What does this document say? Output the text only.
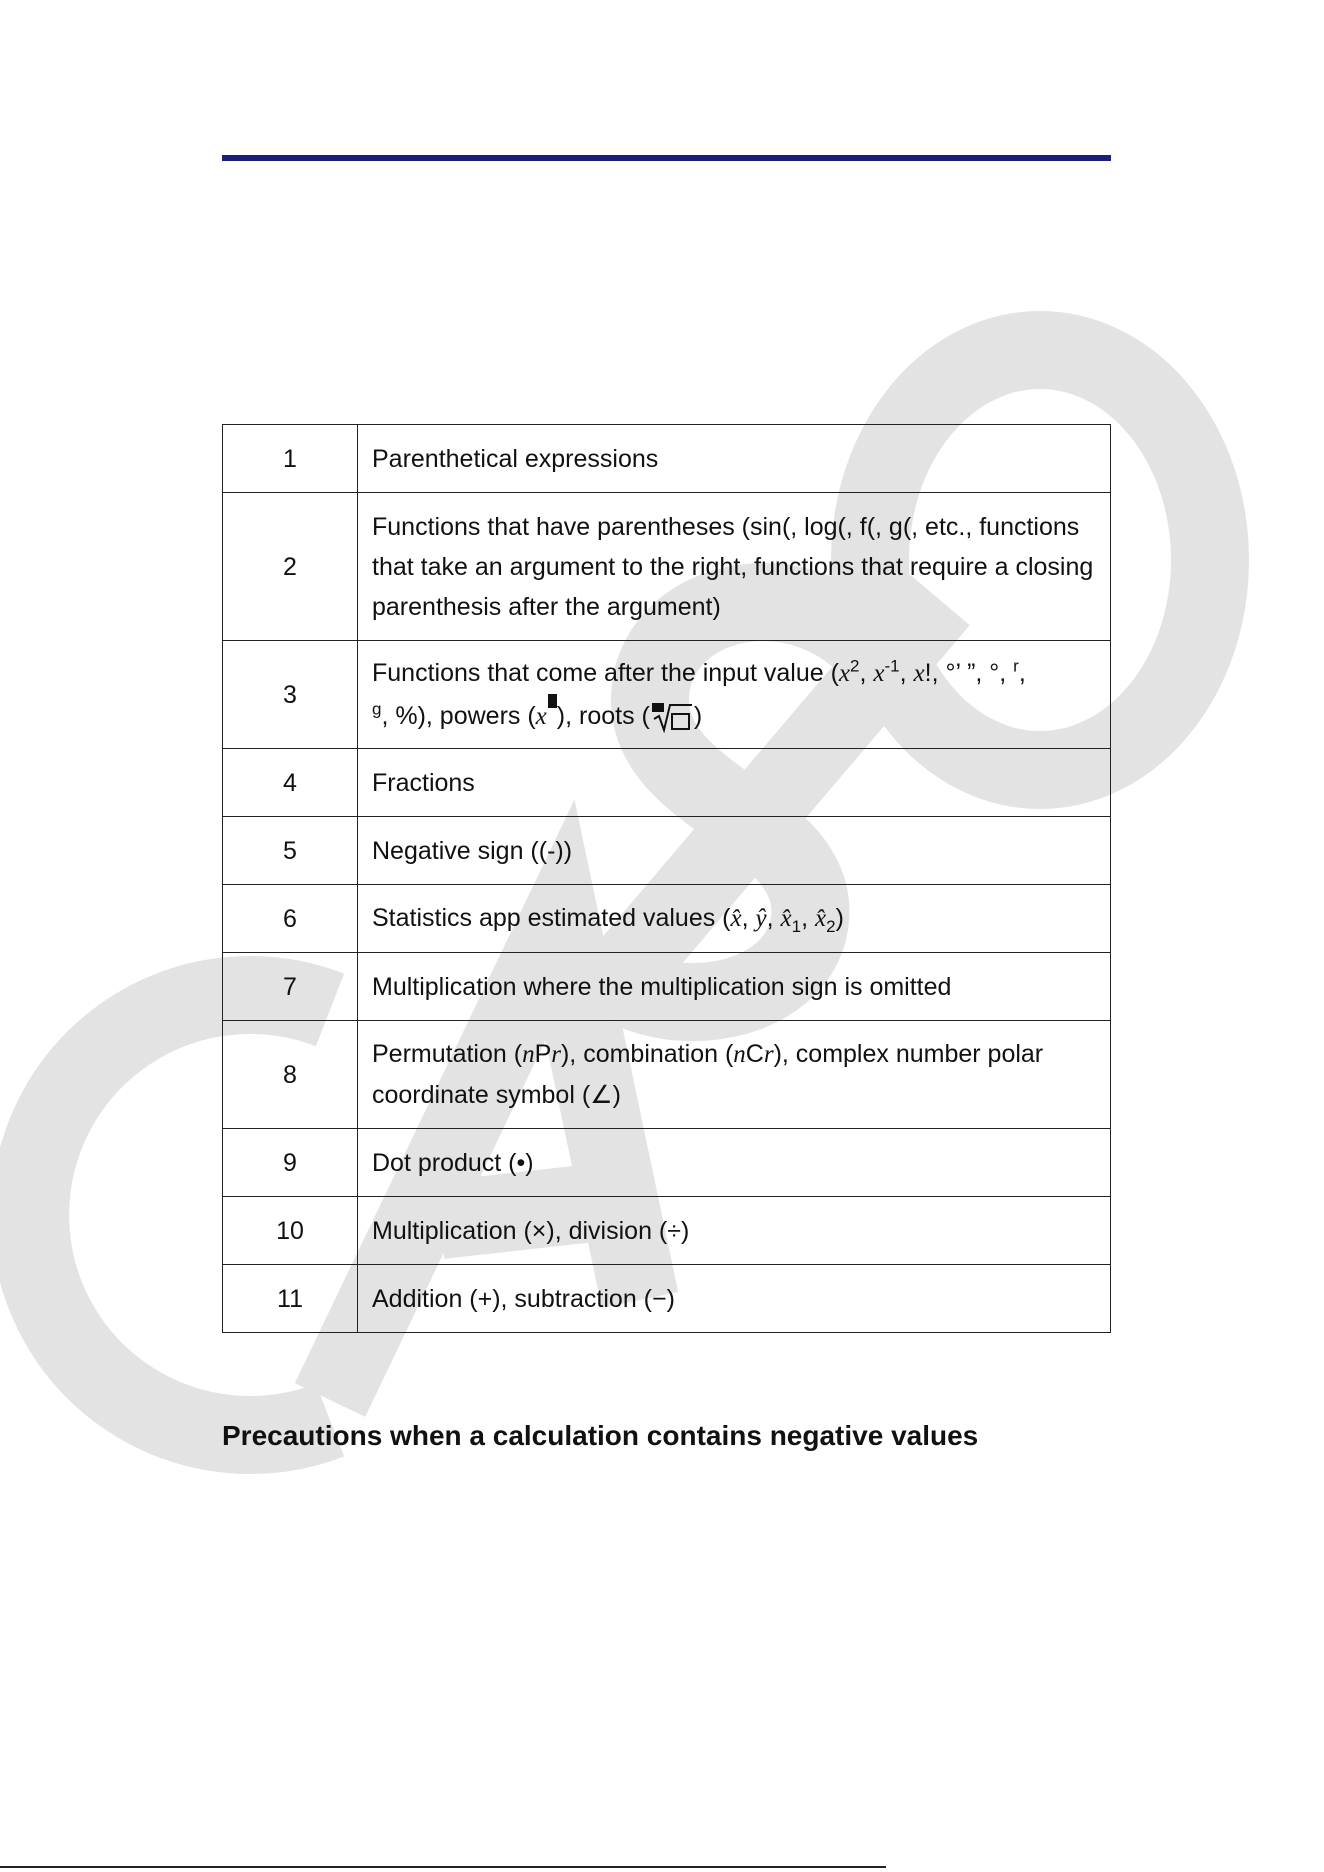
1	Parenthetical expressions
2	Functions that have parentheses (sin(, log(, f(, g(, etc., functions that take an argument to the right, functions that require a closing parenthesis after the argument)
3	Functions that come after the input value ($x^2$, $x^{-1}$, x!, °’ ”, °, $^r$,
$^g$, %), powers (x ), roots ( )
4	Fractions
5	Negative sign ((-))
6	Statistics app estimated values (x̂, ŷ, $x̂_1$, $x̂_2$)
7	Multiplication where the multiplication sign is omitted
8	Permutation (nPr), combination (nCr), complex number polar coordinate symbol (∠)
9	Dot product (•)
10	Multiplication (×), division (÷)
11	Addition (+), subtraction (−)
Precautions when a calculation contains negative values
